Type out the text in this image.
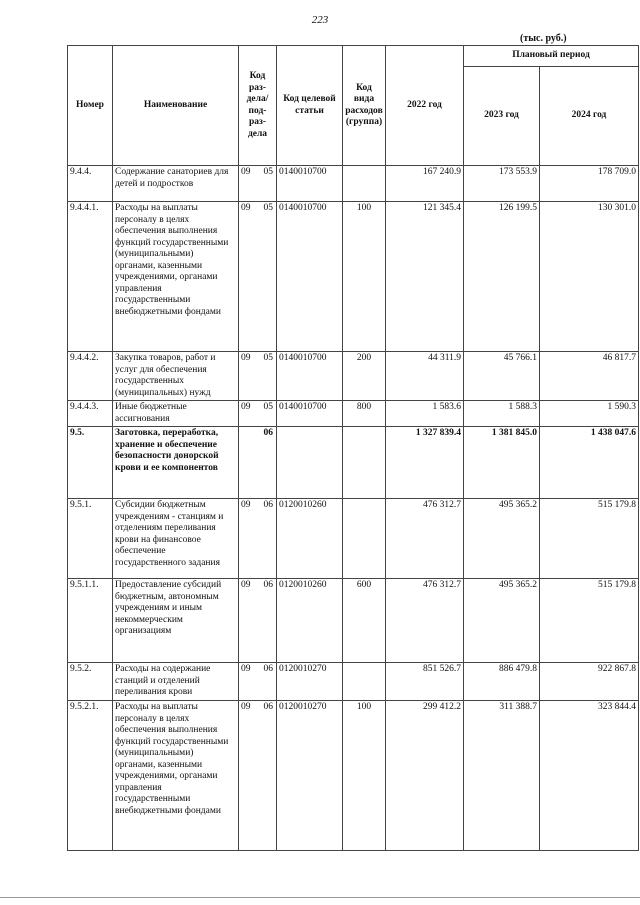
223
(тыс. руб.)
Номер	Наименование	Код раз-дела/ под-раз-дела	Код целевой статьи	Код вида расходов (группа)	2022 год	Плановый период	
						2023 год	2024 год
9.4.4.	Содержание санаториев для детей и подростков	09 05	0140010700		167 240.9	173 553.9	178 709.0
9.4.4.1.	Расходы на выплаты персоналу в целях обеспечения выполнения функций государственными (муниципальными) органами, казенными учреждениями, органами управления государственными внебюджетными фондами	09 05	0140010700	100	121 345.4	126 199.5	130 301.0
9.4.4.2.	Закупка товаров, работ и услуг для обеспечения государственных (муниципальных) нужд	09 05	0140010700	200	44 311.9	45 766.1	46 817.7
9.4.4.3.	Иные бюджетные ассигнования	09 05	0140010700	800	1 583.6	1 588.3	1 590.3
9.5.	Заготовка, переработка, хранение и обеспечение безопасности донорской крови и ее компонентов	06			1 327 839.4	1 381 845.0	1 438 047.6
9.5.1.	Субсидии бюджетным учреждениям - станциям и отделениям переливания крови на финансовое обеспечение государственного задания	09 06	0120010260		476 312.7	495 365.2	515 179.8
9.5.1.1.	Предоставление субсидий бюджетным, автономным учреждениям и иным некоммерческим организациям	09 06	0120010260	600	476 312.7	495 365.2	515 179.8
9.5.2.	Расходы на содержание станций и отделений переливания крови	09 06	0120010270		851 526.7	886 479.8	922 867.8
9.5.2.1.	Расходы на выплаты персоналу в целях обеспечения выполнения функций государственными (муниципальными) органами, казенными учреждениями, органами управления государственными внебюджетными фондами	09 06	0120010270	100	299 412.2	311 388.7	323 844.4
